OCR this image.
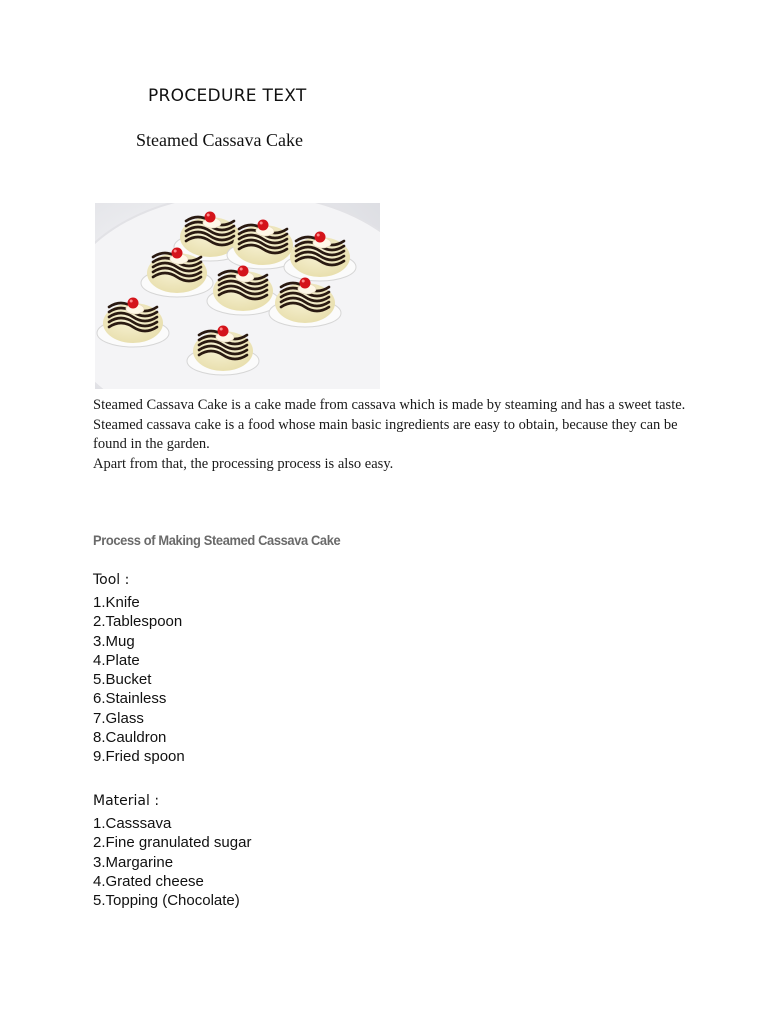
PROCEDURE TEXT
Steamed Cassava Cake

Steamed Cassava Cake is a cake made from cassava which is made by steaming and has a sweet taste.

Steamed cassava cake is a food whose main basic ingredients are easy to obtain, because they can be found in the garden.

Apart from that, the processing process is also easy.

Process of Making Steamed Cassava Cake
Tool :
1.Knife
2.Tablespoon
3.Mug
4.Plate
5.Bucket
6.Stainless
7.Glass
8.Cauldron
9.Fried spoon
Material :
1.Casssava
2.Fine granulated sugar
3.Margarine
4.Grated cheese
5.Topping (Chocolate)
